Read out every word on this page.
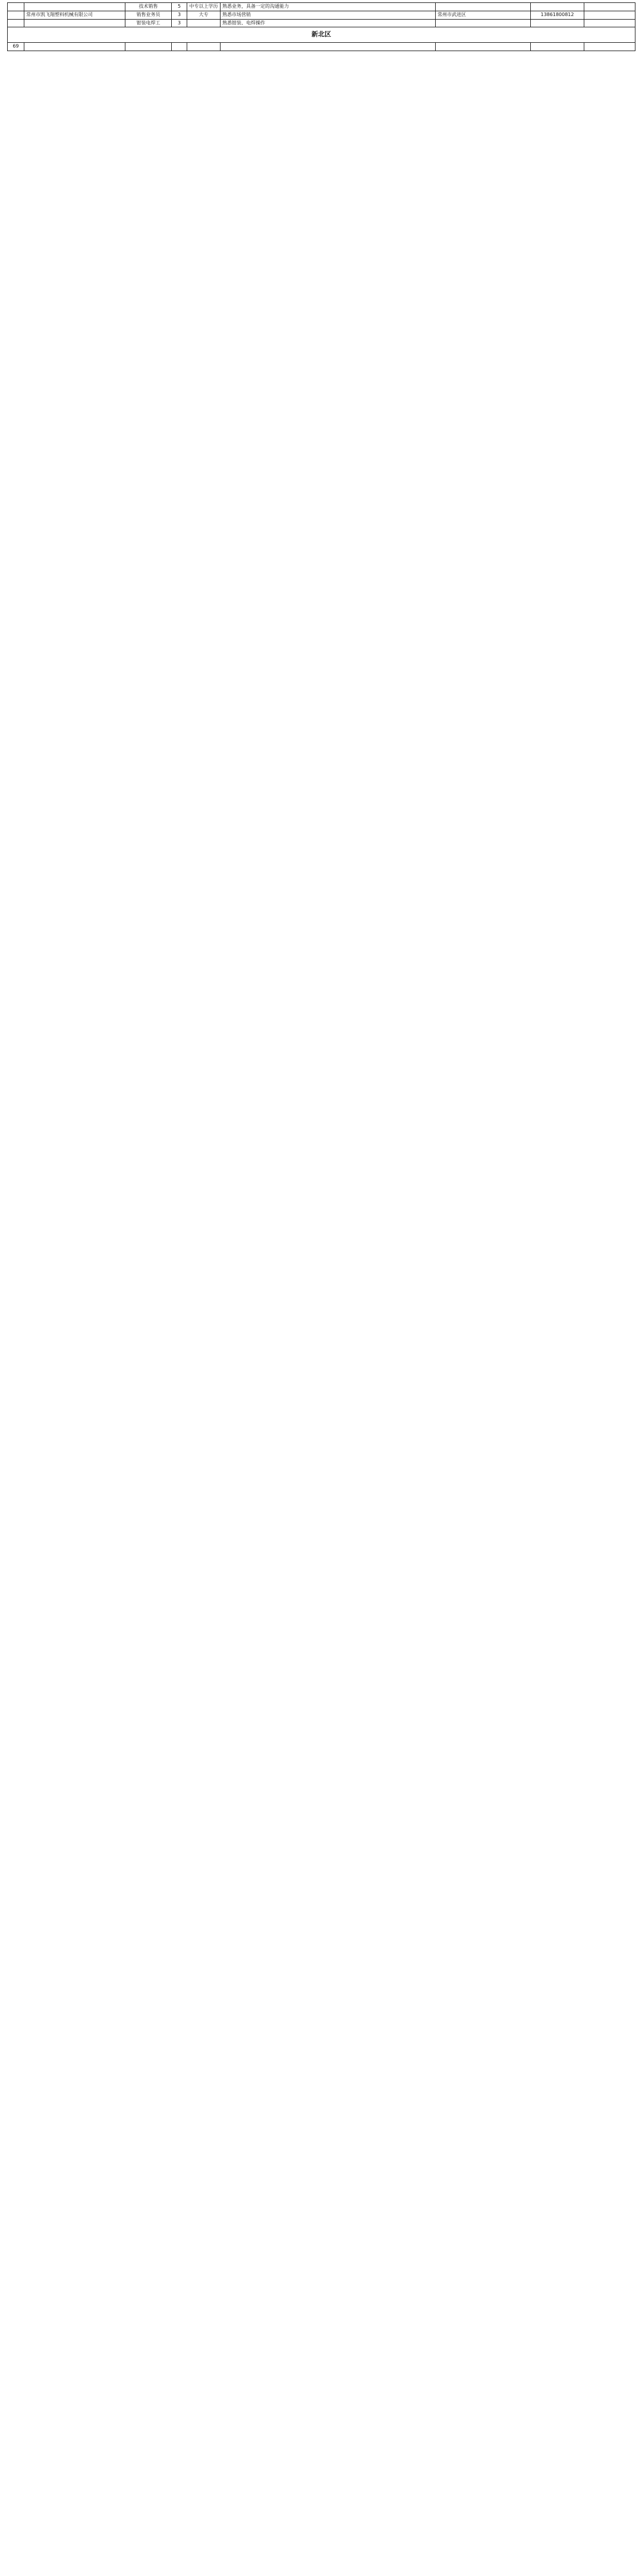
		技术销售	5	中专以上学历	熟悉业务，具备一定的沟通能力			
	常州市凯飞翔塑料机械有限公司	销售业务员	3	大专	熟悉市场营销	常州市武进区	13861800812	
		钳装电焊工	3		熟悉钳装、电焊操作			
新北区								
69								
